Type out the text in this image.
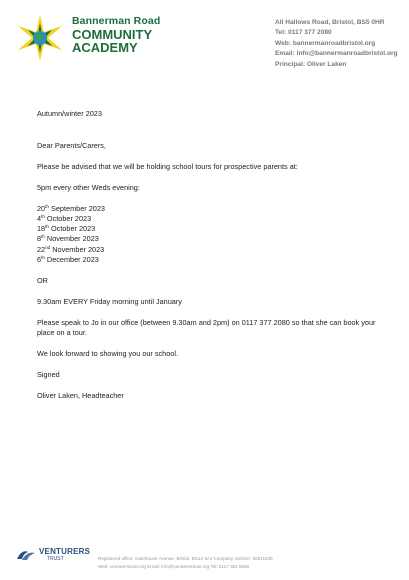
Bannerman Road
COMMUNITY
ACADEMY
All Hallows Road, Bristol, BS5 0HR
Tel: 0117 377 2080
Web: bannermanroadbristol.org
Email: info@bannermanroadbristol.org
Principal: Oliver Laken

Autumn/winter 2023

Dear Parents/Carers,

Please be advised that we will be holding school tours for prospective parents at:

5pm every other Weds evening:

20th September 2023
4th October 2023
18th October 2023
8th November 2023
22nd November 2023
6th December 2023

OR

9.30am EVERY Friday morning until January

Please speak to Jo in our office (between 9.30am and 2pm) on 0117 377 2080 so that she can book your place on a tour.

We look forward to showing you our school.

Signed

Oliver Laken, Headteacher

VENTURERS
TRUST	Registered office: Gatehouse Avenue, Bristol, BS13 9AJ Company number: 08511836
Web: venturerstrust.org Email: info@venturerstrust.org Tel: 0117 301 8560
